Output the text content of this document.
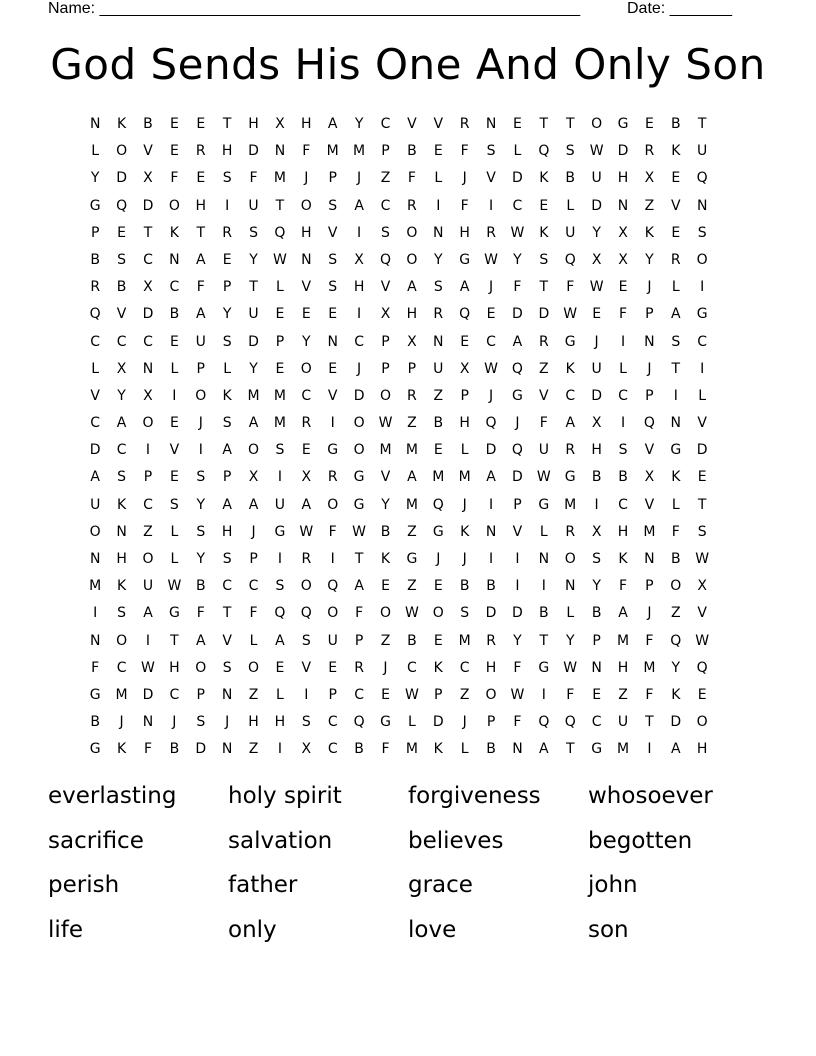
Name: ______________________________________________________	Date: _______
God Sends His One And Only Son
N	K	B	E	E	T	H	X	H	A	Y	C	V	V	R	N	E	T	T	O	G	E	B	T
L	O	V	E	R	H	D	N	F	M	M	P	B	E	F	S	L	Q	S	W	D	R	K	U
Y	D	X	F	E	S	F	M	J	P	J	Z	F	L	J	V	D	K	B	U	H	X	E	Q
G	Q	D	O	H	I	U	T	O	S	A	C	R	I	F	I	C	E	L	D	N	Z	V	N
P	E	T	K	T	R	S	Q	H	V	I	S	O	N	H	R	W	K	U	Y	X	K	E	S
B	S	C	N	A	E	Y	W	N	S	X	Q	O	Y	G	W	Y	S	Q	X	X	Y	R	O
R	B	X	C	F	P	T	L	V	S	H	V	A	S	A	J	F	T	F	W	E	J	L	I
Q	V	D	B	A	Y	U	E	E	E	I	X	H	R	Q	E	D	D	W	E	F	P	A	G
C	C	C	E	U	S	D	P	Y	N	C	P	X	N	E	C	A	R	G	J	I	N	S	C
L	X	N	L	P	L	Y	E	O	E	J	P	P	U	X	W Q	Z	K	U	L	J	T	I
V	Y	X	I	O	K	M	M	C	V	D	O	R	Z	P	J	G	V	C	D	C	P	I	L
C	A	O	E	J	S	A	M	R	I	O W	Z	B	H	Q	J	F	A	X	I	Q	N	V
D	C	I	V	I	A	O	S	E	G	O	M	M	E	L	D	Q	U	R	H	S	V	G	D
A	S	P	E	S	P	X	I	X	R	G	V	A	M	M	A	D	W	G	B	B	X	K	E
U	K	C	S	Y	A	A	U	A	O	G	Y	M	Q	J	I	P	G	M	I	C	V	L	T
O	N	Z	L	S	H	J	G	W	F	W	B	Z	G	K	N	V	L	R	X	H	M	F	S
N	H	O	L	Y	S	P	I	R	I	T	K	G	J	J	I	I	N	O	S	K	N	B	W
M	K	U	W	B	C	C	S	O	Q	A	E	Z	E	B	B	I	I	N	Y	F	P	O	X
I	S	A	G	F	T	F	Q	Q	O	F	O W O	S	D	D	B	L	B	A	J	Z	V
N	O	I	T	A	V	L	A	S	U	P	Z	B	E	M	R	Y	T	Y	P	M	F	Q W
F	C	W	H	O	S	O	E	V	E	R	J	C	K	C	H	F	G	W	N	H	M	Y	Q
G	M	D	C	P	N	Z	L	I	P	C	E	W	P	Z	O W	I	F	E	Z	F	K	E
B	J	N	J	S	J	H	H	S	C	Q	G	L	D	J	P	F	Q	Q	C	U	T	D	O
G	K	F	B	D	N	Z	I	X	C	B	F	M	K	L	B	N	A	T	G	M	I	A	H
everlasting	holy spirit	forgiveness	whosoever
sacrifice	salvation	believes	begotten
perish	father	grace	john
life	only	love	son
